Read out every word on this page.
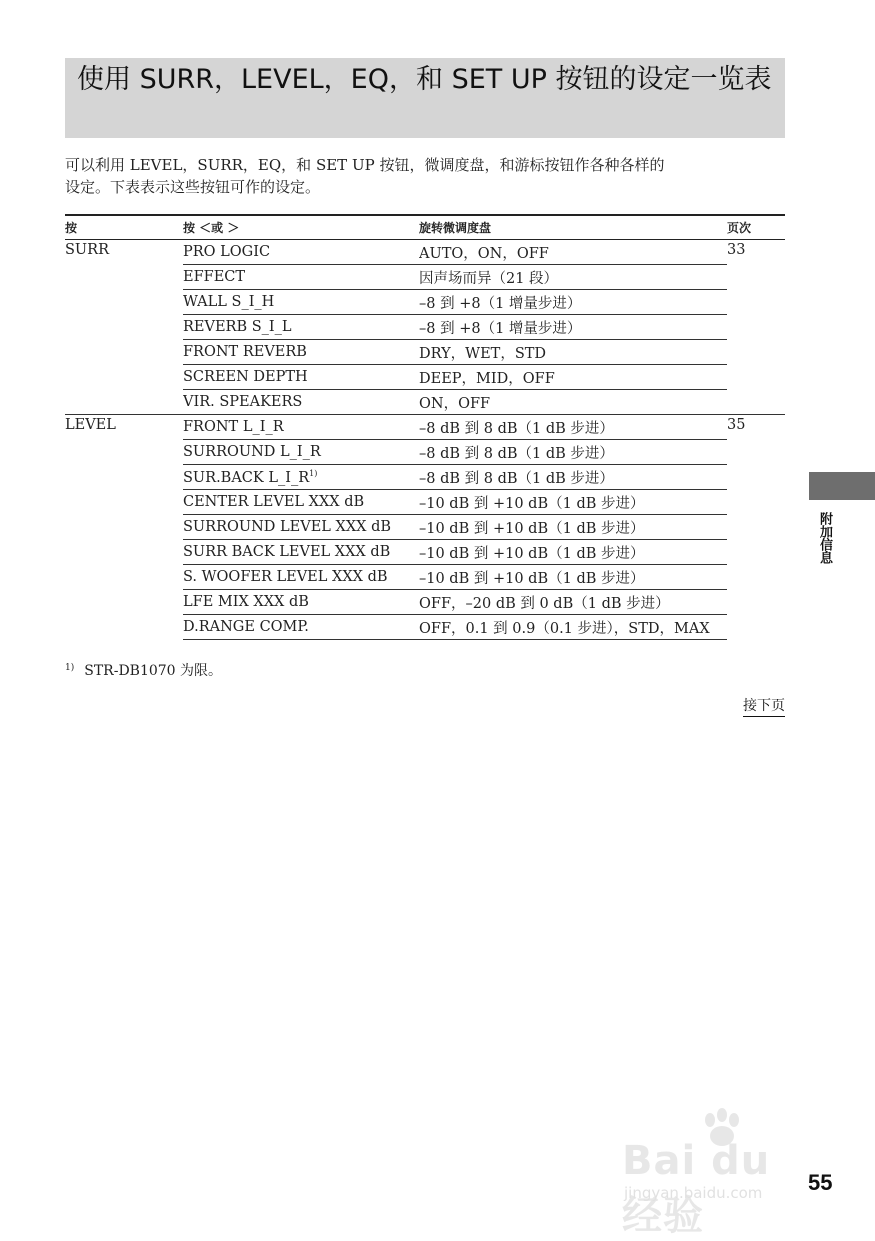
使用 SURR，LEVEL，EQ，和 SET UP 按钮的设定一览表
可以利用 LEVEL，SURR，EQ，和 SET UP 按钮，微调度盘，和游标按钮作各种各样的
设定。下表表示这些按钮可作的设定。
按	按 ＜或 ＞	旋转微调度盘	页次
SURR	PRO LOGIC	AUTO，ON，OFF	33
	EFFECT	因声场而异（21 段）	
	WALL S_I_H	–8 到 +8（1 增量步进）	
	REVERB S_I_L	–8 到 +8（1 增量步进）	
	FRONT REVERB	DRY，WET，STD	
	SCREEN DEPTH	DEEP，MID，OFF	
	VIR. SPEAKERS	ON，OFF	
LEVEL	FRONT L_I_R	–8 dB 到 8 dB（1 dB 步进）	35
	SURROUND L_I_R	–8 dB 到 8 dB（1 dB 步进）	
	SUR.BACK L_I_R$^{1)}$	–8 dB 到 8 dB（1 dB 步进）	
	CENTER LEVEL XXX dB	–10 dB 到 +10 dB（1 dB 步进）	
	SURROUND LEVEL XXX dB	–10 dB 到 +10 dB（1 dB 步进）	
	SURR BACK LEVEL XXX dB	–10 dB 到 +10 dB（1 dB 步进）	
	S. WOOFER LEVEL XXX dB	–10 dB 到 +10 dB（1 dB 步进）	
	LFE MIX XXX dB	OFF，–20 dB 到 0 dB（1 dB 步进）	
	D.RANGE COMP.	OFF，0.1 到 0.9（0.1 步进），STD，MAX	
$^{1)}$ STR-DB1070 为限。
接下页
附加信息
Bai du 经验
jingyan.baidu.com 55
